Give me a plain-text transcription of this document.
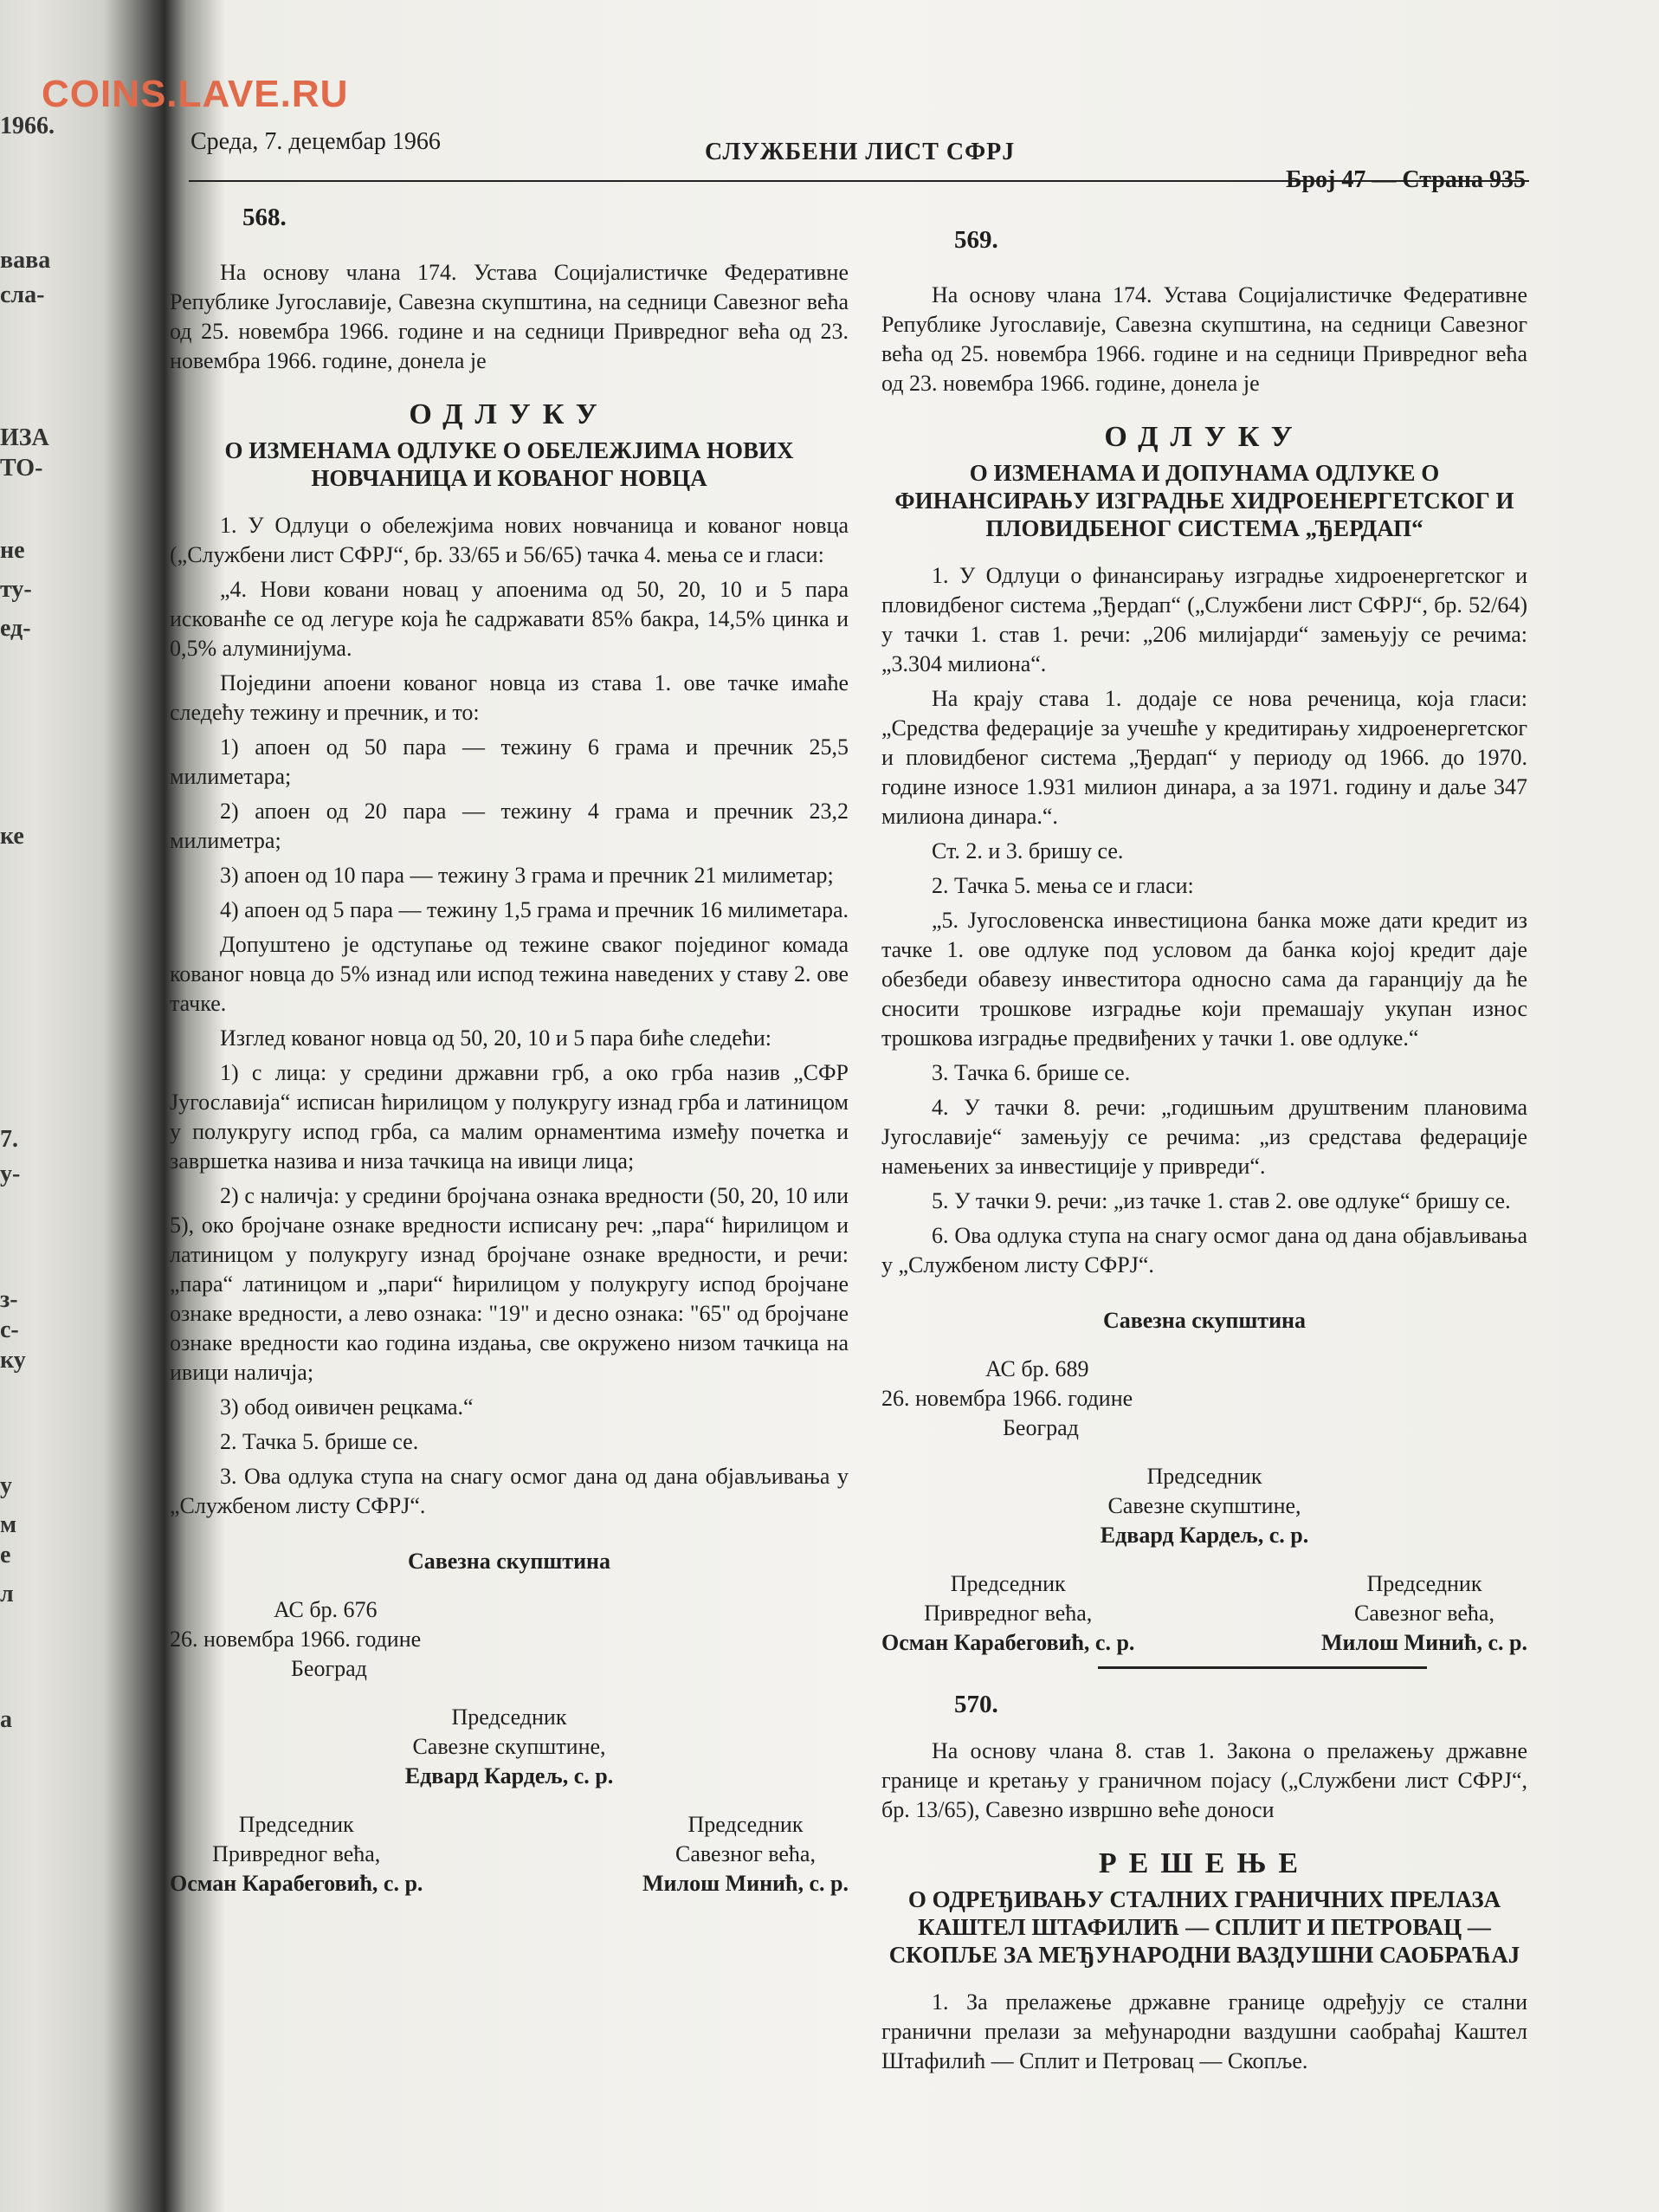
1966.
вава
сла-
ИЗА
ТО-
не
ту-
ед-
ке
7.
у-
з-
с-
ку
у
м
е
л
а
COINS.LAVE.RU
Среда, 7. децембар 1966	СЛУЖБЕНИ ЛИСТ СФРЈ
Број 47 — Страна 935
568.

На основу члана 174. Устава Социјалистичке Федеративне Републике Југославије, Савезна скупштина, на седници Савезног већа од 25. новембра 1966. године и на седници Привредног већа од 23. новембра 1966. године, донела је

ОДЛУКУ
О ИЗМЕНАМА ОДЛУКЕ О ОБЕЛЕЖЈИМА НОВИХ НОВЧАНИЦА И КОВАНОГ НОВЦА

1. У Одлуци о обележјима нових новчаница и кованог новца („Службени лист СФРЈ“, бр. 33/65 и 56/65) тачка 4. мења се и гласи:

„4. Нови ковани новац у апоенима од 50, 20, 10 и 5 пара искованће се од легуре која ће садржавати 85% бакра, 14,5% цинка и 0,5% алуминијума.

Поједини апоени кованог новца из става 1. ове тачке имаће следећу тежину и пречник, и то:

1) апоен од 50 пара — тежину 6 грама и пречник 25,5 милиметара;

2) апоен од 20 пара — тежину 4 грама и пречник 23,2 милиметра;

3) апоен од 10 пара — тежину 3 грама и пречник 21 милиметар;

4) апоен од 5 пара — тежину 1,5 грама и пречник 16 милиметара.

Допуштено је одступање од тежине сваког појединог комада кованог новца до 5% изнад или испод тежина наведених у ставу 2. ове тачке.

Изглед кованог новца од 50, 20, 10 и 5 пара биће следећи:

1) с лица: у средини државни грб, а око грба назив „СФР Југославија“ исписан ћирилицом у полукругу изнад грба и латиницом у полукругу испод грба, са малим орнаментима између почетка и завршетка назива и низа тачкица на ивици лица;

2) с наличја: у средини бројчана ознака вредности (50, 20, 10 или 5), око бројчане ознаке вредности исписану реч: „пара“ ћирилицом и латиницом у полукругу изнад бројчане ознаке вредности, и речи: „пара“ латиницом и „пари“ ћирилицом у полукругу испод бројчане ознаке вредности, а лево ознака: "19" и десно ознака: "65" од бројчане ознаке вредности као година издања, све окружено низом тачкица на ивици наличја;

3) обод оивичен рецкама.“

2. Тачка 5. брише се.

3. Ова одлука ступа на снагу осмог дана од дана објављивања у „Службеном листу СФРЈ“.

Савезна скупштина

АС бр. 676

26. новембра 1966. године

Београд

Председник

Савезне скупштине,

Едвард Кардељ, с. р.

Председник
Привредног већа,
Осман Карабеговић, с. р.
Председник
Савезног већа,
Милош Минић, с. р.
569.

На основу члана 174. Устава Социјалистичке Федеративне Републике Југославије, Савезна скупштина, на седници Савезног већа од 25. новембра 1966. године и на седници Привредног већа од 23. новембра 1966. године, донела је

ОДЛУКУ
О ИЗМЕНАМА И ДОПУНАМА ОДЛУКЕ О ФИНАНСИРАЊУ ИЗГРАДЊЕ ХИДРОЕНЕРГЕТСКОГ И ПЛОВИДБЕНОГ СИСТЕМА „ЂЕРДАП“

1. У Одлуци о финансирању изградње хидроенергетског и пловидбеног система „Ђердап“ („Службени лист СФРЈ“, бр. 52/64) у тачки 1. став 1. речи: „206 милијарди“ замењују се речима: „3.304 милиона“.

На крају става 1. додаје се нова реченица, која гласи: „Средства федерације за учешће у кредитирању хидроенергетског и пловидбеног система „Ђердап“ у периоду од 1966. до 1970. године износе 1.931 милион динара, а за 1971. годину и даље 347 милиона динара.“.

Ст. 2. и 3. бришу се.

2. Тачка 5. мења се и гласи:

„5. Југословенска инвестициона банка може дати кредит из тачке 1. ове одлуке под условом да банка којој кредит даје обезбеди обавезу инвеститора односно сама да гаранцију да ће сносити трошкове изградње који премашају укупан износ трошкова изградње предвиђених у тачки 1. ове одлуке.“

3. Тачка 6. брише се.

4. У тачки 8. речи: „годишњим друштвеним плановима Југославије“ замењују се речима: „из средстава федерације намењених за инвестиције у привреди“.

5. У тачки 9. речи: „из тачке 1. став 2. ове одлуке“ бришу се.

6. Ова одлука ступа на снагу осмог дана од дана објављивања у „Службеном листу СФРЈ“.

Савезна скупштина

АС бр. 689

26. новембра 1966. године

Београд

Председник

Савезне скупштине,

Едвард Кардељ, с. р.

Председник
Привредног већа,
Осман Карабеговић, с. р.
Председник
Савезног већа,
Милош Минић, с. р.
570.

На основу члана 8. став 1. Закона о прелажењу државне границе и кретању у граничном појасу („Службени лист СФРЈ“, бр. 13/65), Савезно извршно веће доноси

РЕШЕЊЕ
О ОДРЕЂИВАЊУ СТАЛНИХ ГРАНИЧНИХ ПРЕЛАЗА КАШТЕЛ ШТАФИЛИЋ — СПЛИТ И ПЕТРОВАЦ — СКОПЉЕ ЗА МЕЂУНАРОДНИ ВАЗДУШНИ САОБРАЋАЈ

1. За прелажење државне границе одређују се стални гранични прелази за међународни ваздушни саобраћај Каштел Штафилић — Сплит и Петровац — Скопље.
